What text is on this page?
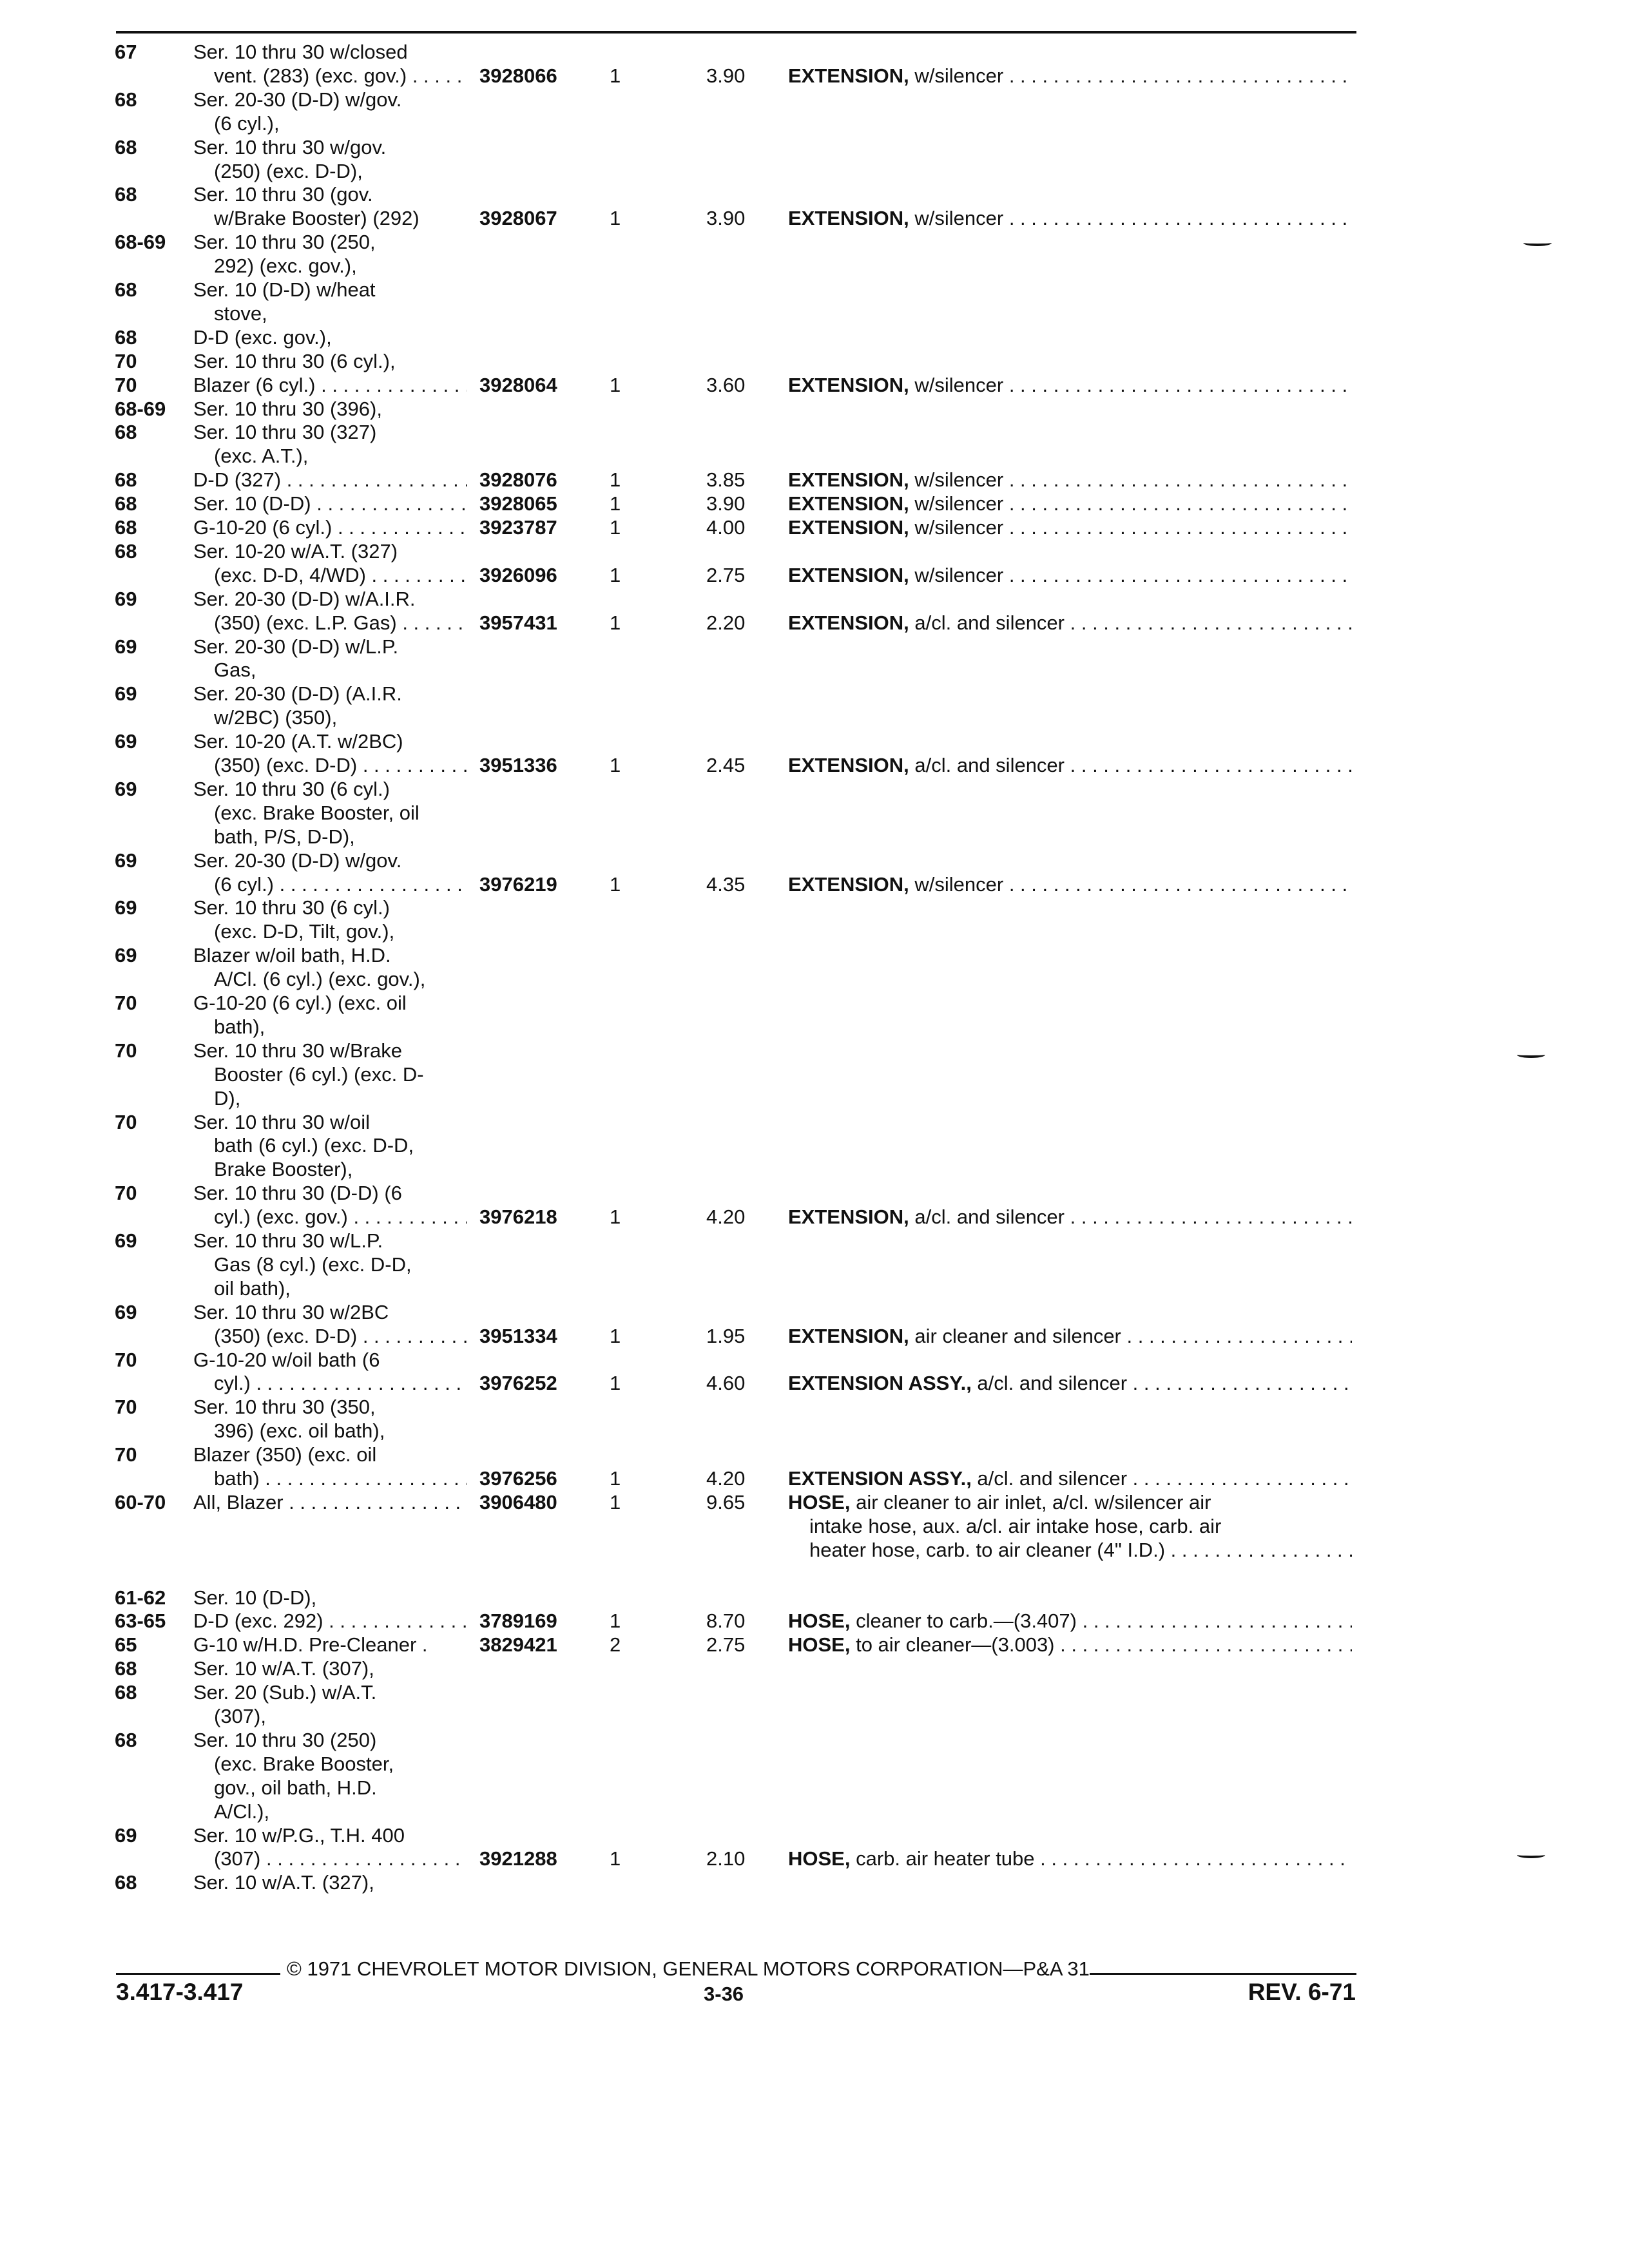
67	Ser. 10 thru 30 w/closed
vent. (283) (exc. gov.) . . .	3928066	1	3.90 EXTENSION, w/silencer . . .
68	Ser. 20-30 (D-D) w/gov.
(6 cyl.),
68	Ser. 10 thru 30 w/gov.
(250) (exc. D-D),
68	Ser. 10 thru 30 (gov.
w/Brake Booster) (292)	3928067	1	3.90 EXTENSION, w/silencer . . .
68-69 Ser. 10 thru 30 (250,
292) (exc. gov.),
68	Ser. 10 (D-D) w/heat
stove,
68	D-D (exc. gov.),
70	Ser. 10 thru 30 (6 cyl.),
70	Blazer (6 cyl.) . . .	3928064	1	3.60 EXTENSION, w/silencer . . .
68-69 Ser. 10 thru 30 (396),
68	Ser. 10 thru 30 (327)
(exc. A.T.),
68	D-D (327) . . .	3928076	1	3.85 EXTENSION, w/silencer . . .
68	Ser. 10 (D-D) . . .	3928065	1	3.90 EXTENSION, w/silencer . . .
68	G-10-20 (6 cyl.) . . .	3923787	1	4.00 EXTENSION, w/silencer . . .
68	Ser. 10-20 w/A.T. (327)
(exc. D-D, 4/WD) . . .	3926096	1	2.75 EXTENSION, w/silencer . . .
69	Ser. 20-30 (D-D) w/A.I.R.
(350) (exc. L.P. Gas) . . .	3957431	1	2.20 EXTENSION, a/cl. and silencer . . .
69	Ser. 20-30 (D-D) w/L.P.
Gas,
69	Ser. 20-30 (D-D) (A.I.R.
w/2BC) (350),
69	Ser. 10-20 (A.T. w/2BC)
(350) (exc. D-D) . . .	3951336	1	2.45 EXTENSION, a/cl. and silencer . . .
69	Ser. 10 thru 30 (6 cyl.)
(exc. Brake Booster, oil
bath, P/S, D-D),
69	Ser. 20-30 (D-D) w/gov.
(6 cyl.) . . .	3976219	1	4.35 EXTENSION, w/silencer . . .
69	Ser. 10 thru 30 (6 cyl.)
(exc. D-D, Tilt, gov.),
69	Blazer w/oil bath, H.D.
A/Cl. (6 cyl.) (exc. gov.),
70	G-10-20 (6 cyl.) (exc. oil
bath),
70	Ser. 10 thru 30 w/Brake
Booster (6 cyl.) (exc. D-
D),
70	Ser. 10 thru 30 w/oil
bath (6 cyl.) (exc. D-D,
Brake Booster),
70	Ser. 10 thru 30 (D-D) (6
cyl.) (exc. gov.) . . .	3976218	1	4.20 EXTENSION, a/cl. and silencer . . .
69	Ser. 10 thru 30 w/L.P.
Gas (8 cyl.) (exc. D-D,
oil bath),
69	Ser. 10 thru 30 w/2BC
(350) (exc. D-D) . . .	3951334	1	1.95 EXTENSION, air cleaner and silencer . . .
70	G-10-20 w/oil bath (6
cyl.) . . .	3976252	1	4.60 EXTENSION ASSY., a/cl. and silencer . . .
70	Ser. 10 thru 30 (350,
396) (exc. oil bath),
70	Blazer (350) (exc. oil
bath) . . .	3976256	1	4.20 EXTENSION ASSY., a/cl. and silencer . . .
60-70 All, Blazer . . .	3906480	1	9.65 HOSE, air cleaner to air inlet, a/cl. w/silencer air
intake hose, aux. a/cl. air intake hose, carb. air
heater hose, carb. to air cleaner (4" I.D.) . . .
61-62 Ser. 10 (D-D),
63-65 D-D (exc. 292) . . .	3789169	1	8.70 HOSE, cleaner to carb.—(3.407) . . .
65	G-10 w/H.D. Pre-Cleaner .	3829421	2	2.75 HOSE, to air cleaner—(3.003) . . .
68	Ser. 10 w/A.T. (307),
68	Ser. 20 (Sub.) w/A.T.
(307),
68	Ser. 10 thru 30 (250)
(exc. Brake Booster,
gov., oil bath, H.D.
A/Cl.),
69	Ser. 10 w/P.G., T.H. 400
(307) . . .	3921288	1	2.10 HOSE, carb. air heater tube . . .
68	Ser. 10 w/A.T. (327),
© 1971 CHEVROLET MOTOR DIVISION, GENERAL MOTORS CORPORATION—P&A 31
3.417-3.417	3-36	REV. 6-71
